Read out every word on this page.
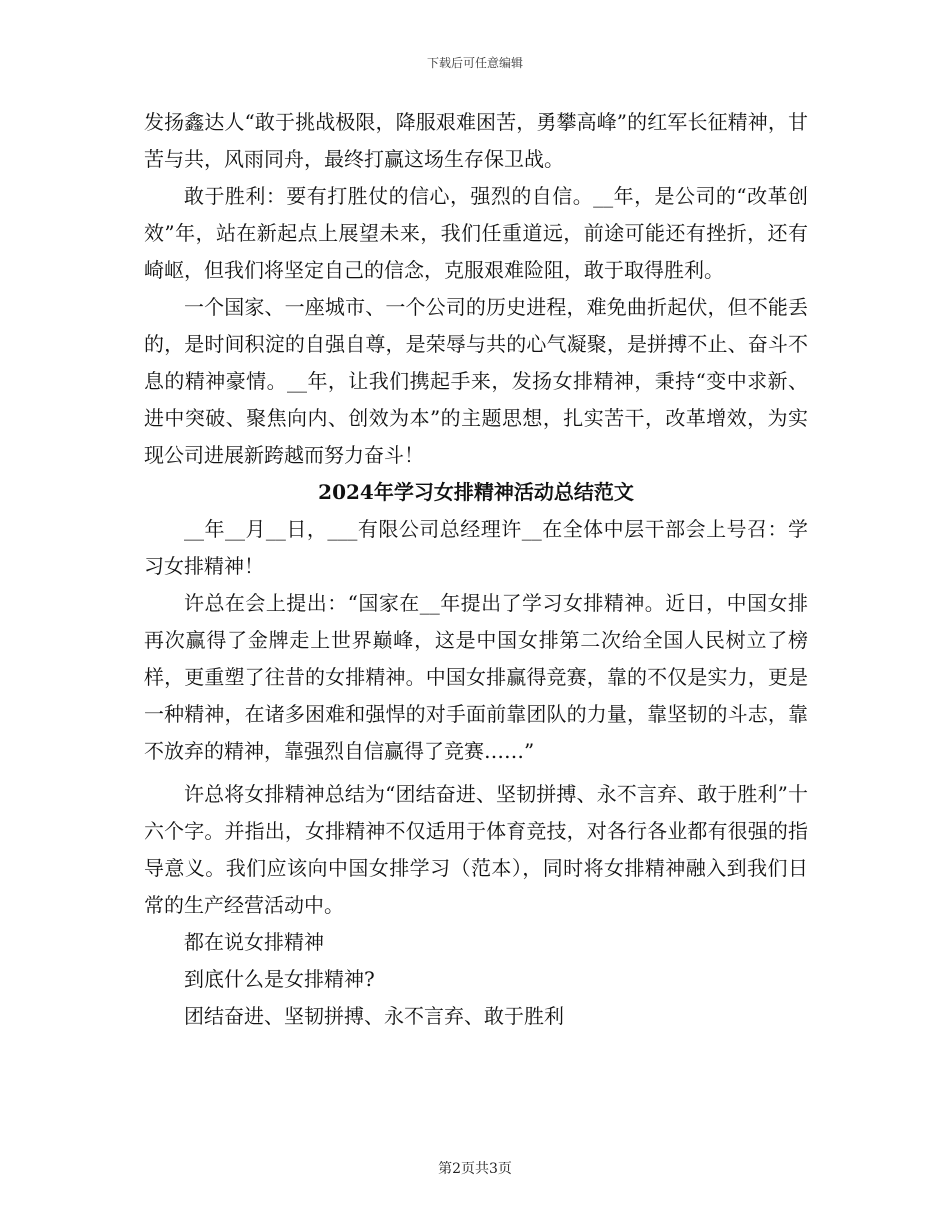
下载后可任意编辑

发扬鑫达人“敢于挑战极限，降服艰难困苦，勇攀高峰”的红军长征精神，甘苦与共，风雨同舟，最终打赢这场生存保卫战。

敢于胜利：要有打胜仗的信心，强烈的自信。__年，是公司的“改革创效”年，站在新起点上展望未来，我们任重道远，前途可能还有挫折，还有崎岖，但我们将坚定自己的信念，克服艰难险阻，敢于取得胜利。

一个国家、一座城市、一个公司的历史进程，难免曲折起伏，但不能丢的，是时间积淀的自强自尊，是荣辱与共的心气凝聚，是拼搏不止、奋斗不息的精神豪情。__年，让我们携起手来，发扬女排精神，秉持“变中求新、进中突破、聚焦向内、创效为本”的主题思想，扎实苦干，改革增效，为实现公司进展新跨越而努力奋斗！

2024年学习女排精神活动总结范文

__年__月__日，___有限公司总经理许__在全体中层干部会上号召：学习女排精神！

许总在会上提出：“国家在__年提出了学习女排精神。近日，中国女排再次赢得了金牌走上世界巅峰，这是中国女排第二次给全国人民树立了榜样，更重塑了往昔的女排精神。中国女排赢得竞赛，靠的不仅是实力，更是一种精神，在诸多困难和强悍的对手面前靠团队的力量，靠坚韧的斗志，靠不放弃的精神，靠强烈自信赢得了竞赛……”

许总将女排精神总结为“团结奋进、坚韧拼搏、永不言弃、敢于胜利”十六个字。并指出，女排精神不仅适用于体育竞技，对各行各业都有很强的指导意义。我们应该向中国女排学习（范本），同时将女排精神融入到我们日常的生产经营活动中。

都在说女排精神

到底什么是女排精神?

团结奋进、坚韧拼搏、永不言弃、敢于胜利

第2页共3页
